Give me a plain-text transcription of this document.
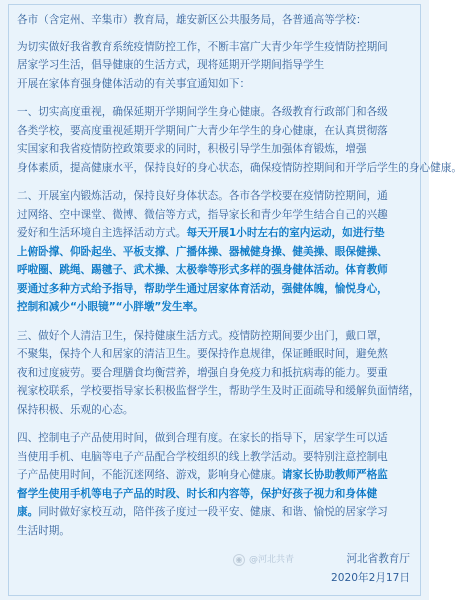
各市（含定州、辛集市）教育局，雄安新区公共服务局，各普通高等学校：

为切实做好我省教育系统疫情防控工作，不断丰富广大青少年学生疫情防控期间

居家学习生活，倡导健康的生活方式，现将延期开学期间指导学生

开展在家体育强身健体活动的有关事宜通知如下：

一、切实高度重视，确保延期开学期间学生身心健康。各级教育行政部门和各级

各类学校，要高度重视延期开学期间广大青少年学生的身心健康，在认真贯彻落

实国家和我省疫情防控政策要求的同时，积极引导学生加强体育锻炼，增强

身体素质，提高健康水平，保持良好的身心状态，确保疫情防控期间和开学后学生的身心健康。

二、开展室内锻炼活动，保持良好身体状态。各市各学校要在疫情防控期间，通

过网络、空中课堂、微博、微信等方式，指导家长和青少年学生结合自己的兴趣

爱好和生活环境自主选择活动方式。每天开展1小时左右的室内运动，如进行垫

上俯卧撑、仰卧起坐、平板支撑、广播体操、器械健身操、健美操、眼保健操、

呼啦圈、跳绳、踢毽子、武术操、太极拳等形式多样的强身健体活动。体育教师

要通过多种方式给予指导，帮助学生通过居家体育活动，强健体魄，愉悦身心，

控制和减少“小眼镜”“小胖墩”发生率。

三、做好个人清洁卫生，保持健康生活方式。疫情防控期间要少出门，戴口罩，

不聚集，保持个人和居家的清洁卫生。要保持作息规律，保证睡眠时间，避免熬

夜和过度疲劳。要合理膳食均衡营养，增强自身免疫力和抵抗病毒的能力。要重

视家校联系，学校要指导家长积极监督学生，帮助学生及时正面疏导和缓解负面情绪，

保持积极、乐观的心态。

四、控制电子产品使用时间，做到合理有度。在家长的指导下，居家学生可以适

当使用手机、电脑等电子产品配合学校组织的线上教学活动。要特别注意控制电

子产品使用时间，不能沉迷网络、游戏，影响身心健康。请家长协助教师严格监

督学生使用手机等电子产品的时段、时长和内容等，保护好孩子视力和身体健

康。同时做好家校互动，陪伴孩子度过一段平安、健康、和谐、愉悦的居家学习

生活时期。

◉ @河北共青	河北省教育厅
2020年2月17日
